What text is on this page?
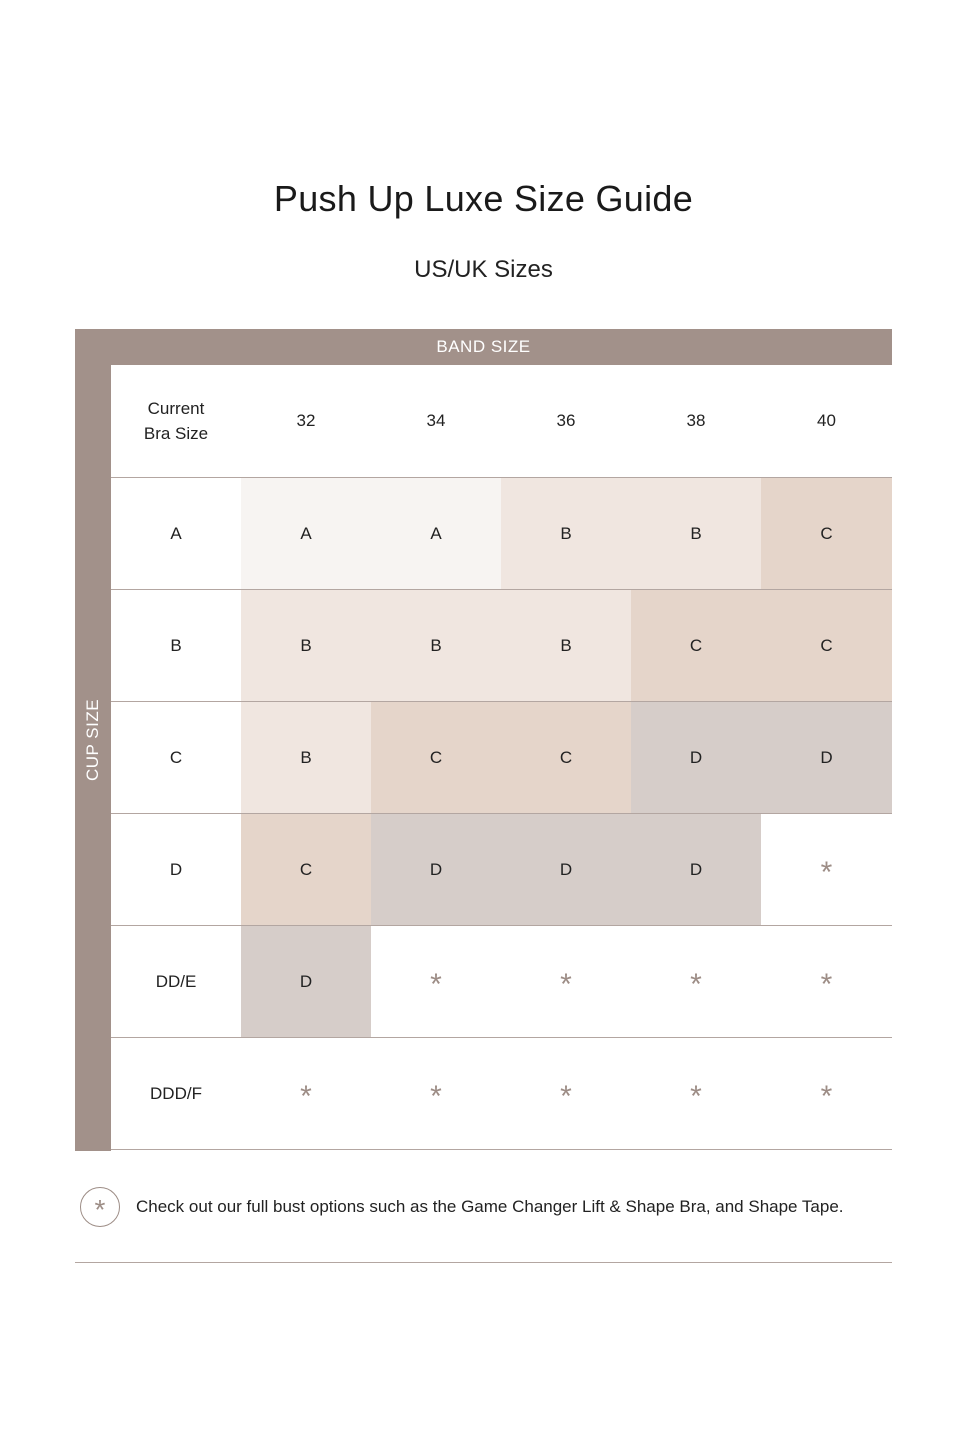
Push Up Luxe Size Guide
US/UK Sizes
CUP SIZE
BAND SIZE
Current
Bra Size
32	34	36	38	40
A	A	A	B	B	C
B	B	B	B	C	C
C	B	C	C	D	D
D	C	D	D	D	*
DD/E	D	*	*	*	*
DDD/F	*	*	*	*	*
*	Check out our full bust options such as the Game Changer Lift & Shape Bra, and Shape Tape.
